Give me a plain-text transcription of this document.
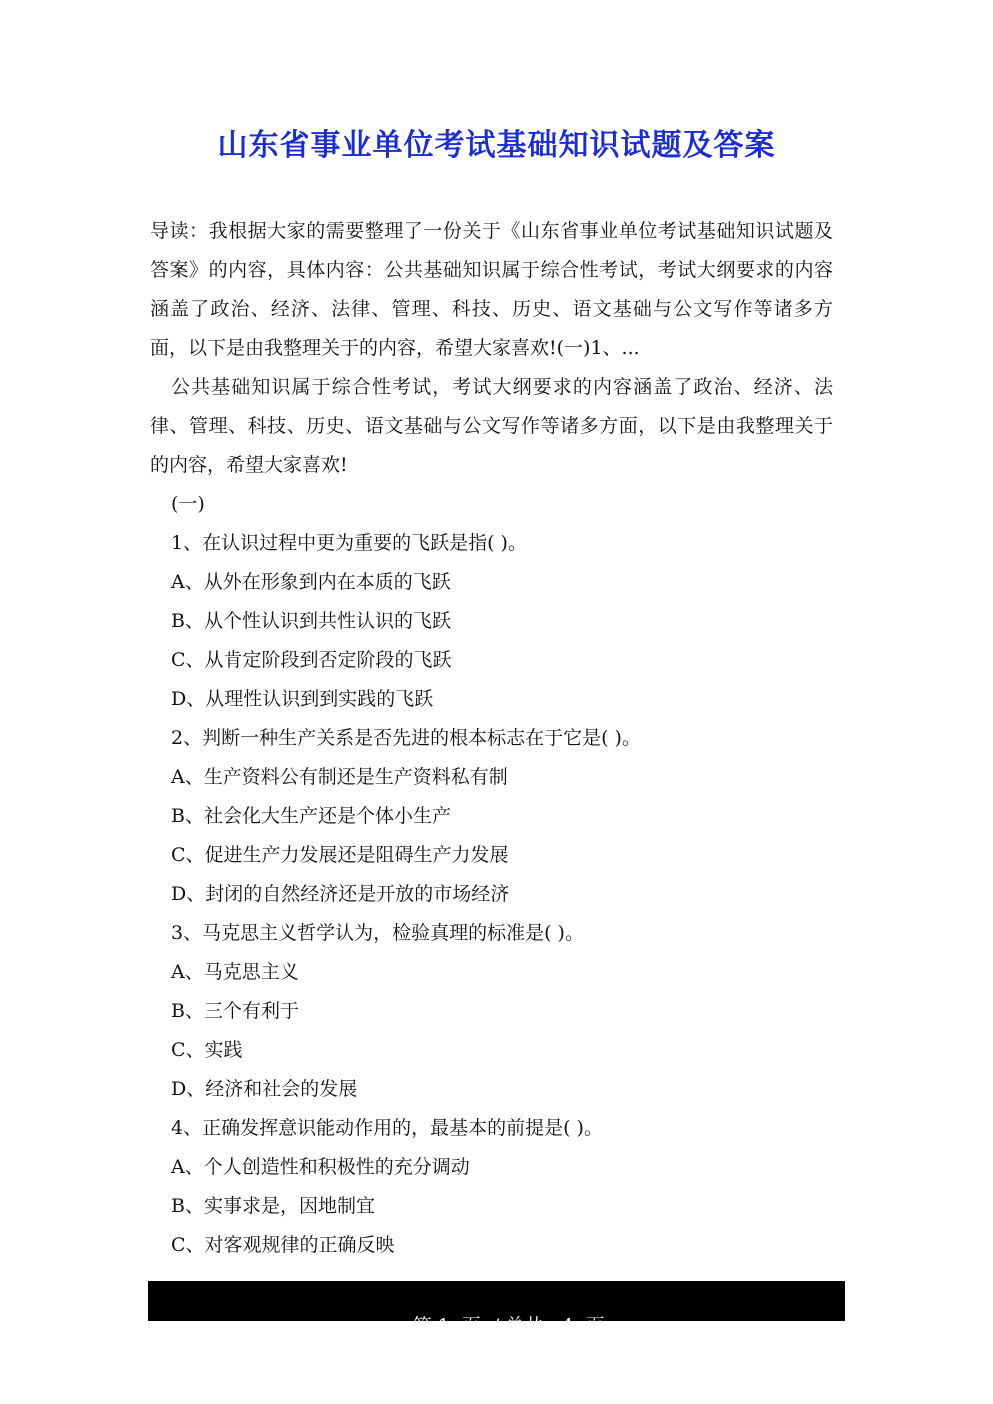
山东省事业单位考试基础知识试题及答案

导读：我根据大家的需要整理了一份关于《山东省事业单位考试基础知识试题及答案》的内容，具体内容：公共基础知识属于综合性考试，考试大纲要求的内容涵盖了政治、经济、法律、管理、科技、历史、语文基础与公文写作等诸多方面，以下是由我整理关于的内容，希望大家喜欢!(一)1、...

公共基础知识属于综合性考试，考试大纲要求的内容涵盖了政治、经济、法律、管理、科技、历史、语文基础与公文写作等诸多方面，以下是由我整理关于的内容，希望大家喜欢!

(一)

1、在认识过程中更为重要的飞跃是指( )。

A、从外在形象到内在本质的飞跃

B、从个性认识到共性认识的飞跃

C、从肯定阶段到否定阶段的飞跃

D、从理性认识到到实践的飞跃

2、判断一种生产关系是否先进的根本标志在于它是( )。

A、生产资料公有制还是生产资料私有制

B、社会化大生产还是个体小生产

C、促进生产力发展还是阻碍生产力发展

D、封闭的自然经济还是开放的市场经济

3、马克思主义哲学认为，检验真理的标准是( )。

A、马克思主义

B、三个有利于

C、实践

D、经济和社会的发展

4、正确发挥意识能动作用的，最基本的前提是( )。

A、个人创造性和积极性的充分调动

B、实事求是，因地制宜

C、对客观规律的正确反映

第 1  页  / 总共   4  页
